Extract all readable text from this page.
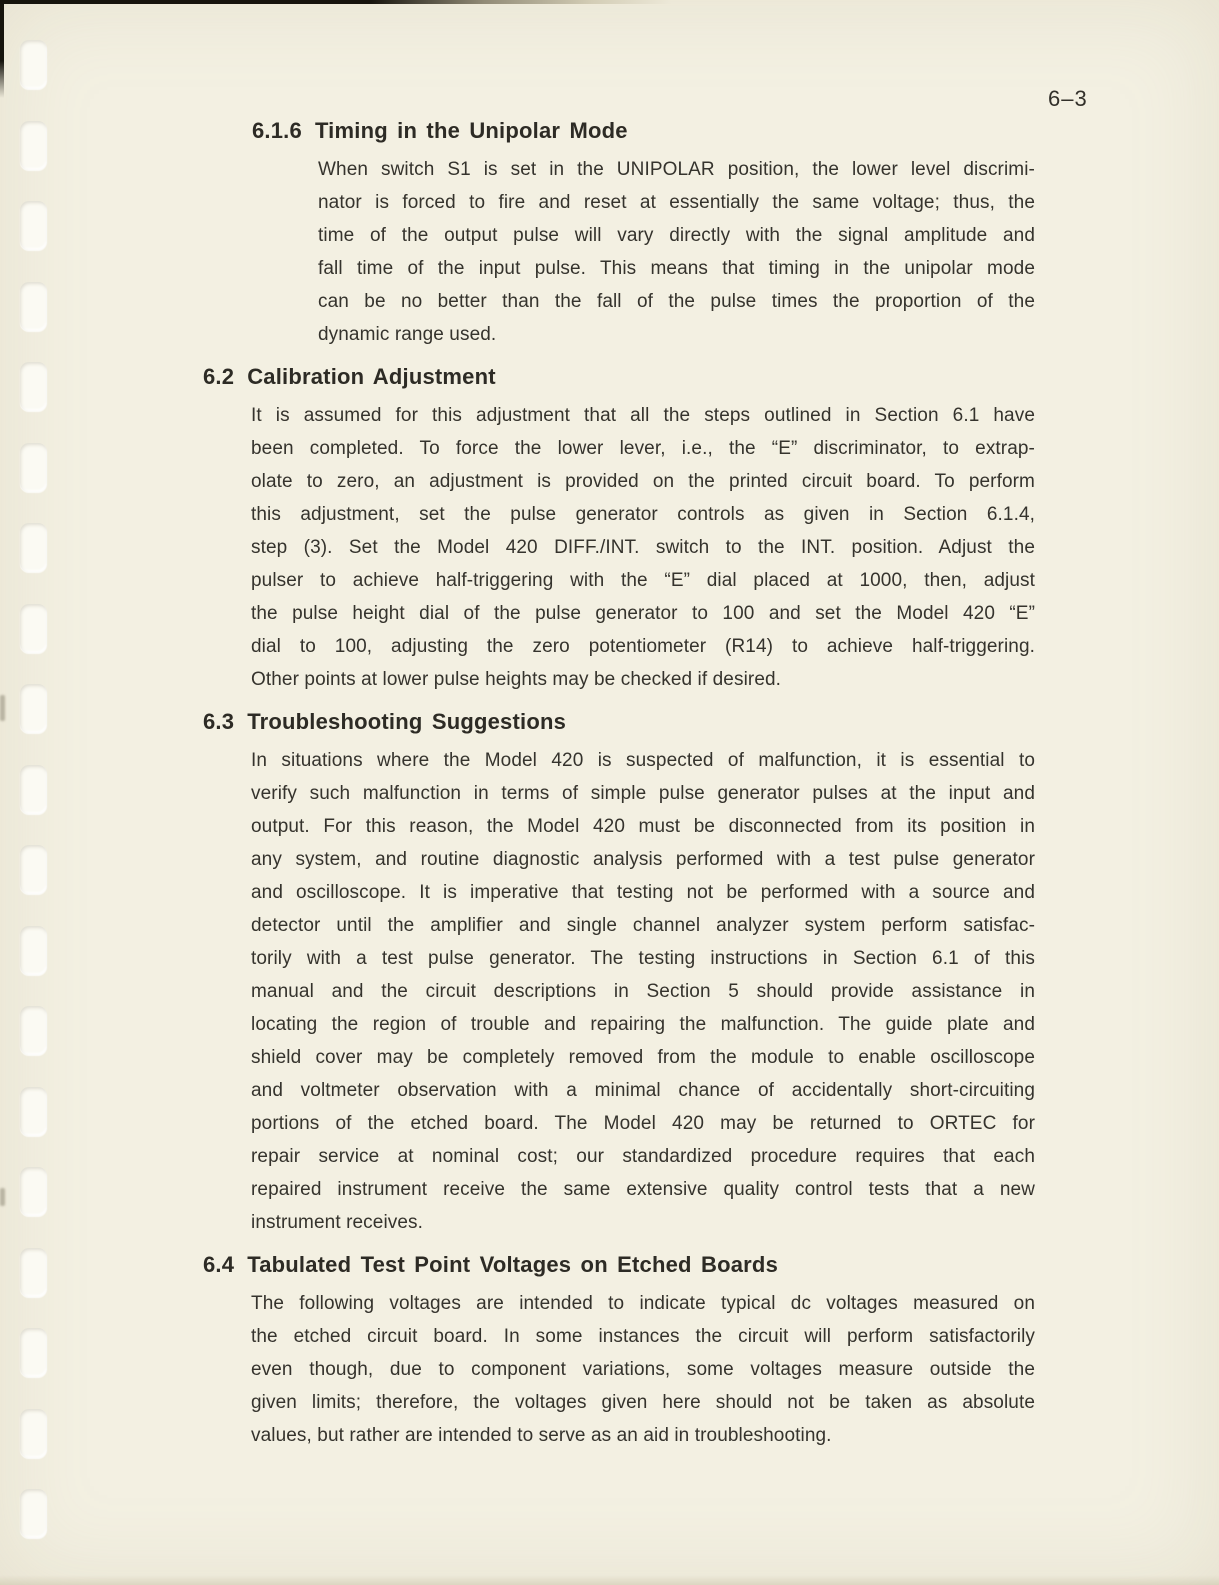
6–3
6.1.6 Timing in the Unipolar Mode
When switch S1 is set in the UNIPOLAR position, the lower level discrimi-
nator is forced to fire and reset at essentially the same voltage; thus, the
time of the output pulse will vary directly with the signal amplitude and
fall time of the input pulse. This means that timing in the unipolar mode
can be no better than the fall of the pulse times the proportion of the
dynamic range used.
6.2 Calibration Adjustment
It is assumed for this adjustment that all the steps outlined in Section 6.1 have
been completed. To force the lower lever, i.e., the “E” discriminator, to extrap-
olate to zero, an adjustment is provided on the printed circuit board. To perform
this adjustment, set the pulse generator controls as given in Section 6.1.4,
step (3). Set the Model 420 DIFF./INT. switch to the INT. position. Adjust the
pulser to achieve half-triggering with the “E” dial placed at 1000, then, adjust
the pulse height dial of the pulse generator to 100 and set the Model 420 “E”
dial to 100, adjusting the zero potentiometer (R14) to achieve half-triggering.
Other points at lower pulse heights may be checked if desired.
6.3 Troubleshooting Suggestions
In situations where the Model 420 is suspected of malfunction, it is essential to
verify such malfunction in terms of simple pulse generator pulses at the input and
output. For this reason, the Model 420 must be disconnected from its position in
any system, and routine diagnostic analysis performed with a test pulse generator
and oscilloscope. It is imperative that testing not be performed with a source and
detector until the amplifier and single channel analyzer system perform satisfac-
torily with a test pulse generator. The testing instructions in Section 6.1 of this
manual and the circuit descriptions in Section 5 should provide assistance in
locating the region of trouble and repairing the malfunction. The guide plate and
shield cover may be completely removed from the module to enable oscilloscope
and voltmeter observation with a minimal chance of accidentally short-circuiting
portions of the etched board. The Model 420 may be returned to ORTEC for
repair service at nominal cost; our standardized procedure requires that each
repaired instrument receive the same extensive quality control tests that a new
instrument receives.
6.4 Tabulated Test Point Voltages on Etched Boards
The following voltages are intended to indicate typical dc voltages measured on
the etched circuit board. In some instances the circuit will perform satisfactorily
even though, due to component variations, some voltages measure outside the
given limits; therefore, the voltages given here should not be taken as absolute
values, but rather are intended to serve as an aid in troubleshooting.
